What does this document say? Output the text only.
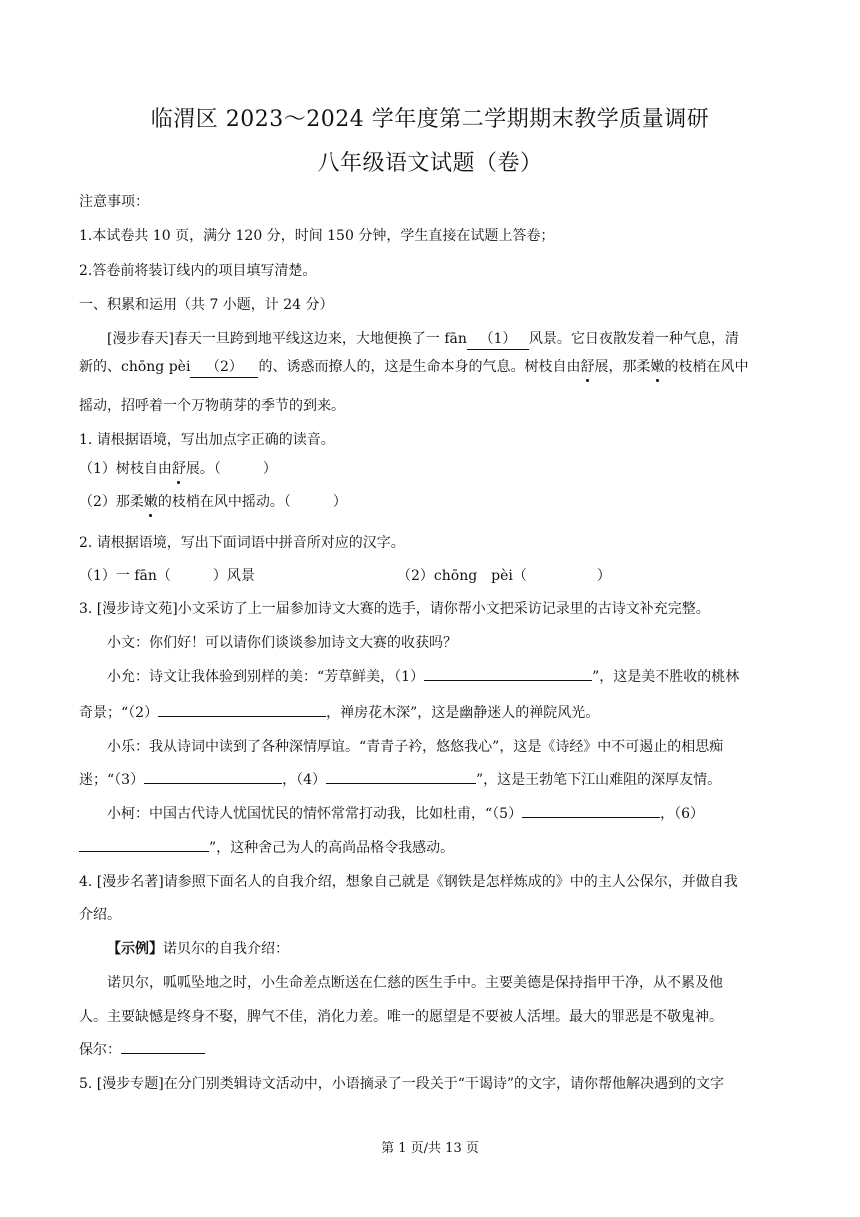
临渭区 2023～2024 学年度第二学期期末教学质量调研
八年级语文试题（卷）
注意事项：
1.本试卷共 10 页，满分 120 分，时间 150 分钟，学生直接在试题上答卷；
2.答卷前将装订线内的项目填写清楚。
一、积累和运用（共 7 小题，计 24 分）
[漫步春天]春天一旦跨到地平线这边来，大地便换了一 fān （1） 风景。它日夜散发着一种气息，清
新的、chōng pèi （2） 的、诱惑而撩人的，这是生命本身的气息。树枝自由舒展，那柔嫩的枝梢在风中
摇动，招呼着一个万物萌芽的季节的到来。
1. 请根据语境，写出加点字正确的读音。
（1）树枝自由舒展。（　　　）
（2）那柔嫩的枝梢在风中摇动。（　　　）
2. 请根据语境，写出下面词语中拼音所对应的汉字。
（1）一 fān（　　　）风景	（2）chōng　pèi（　　　　　）
3. [漫步诗文苑]小文采访了上一届参加诗文大赛的选手，请你帮小文把采访记录里的古诗文补充完整。
小文：你们好！可以请你们谈谈参加诗文大赛的收获吗？
小允：诗文让我体验到别样的美：“芳草鲜美，（1）	”，这是美不胜收的桃林
奇景；“（2）	，禅房花木深”，这是幽静迷人的禅院风光。
小乐：我从诗词中读到了各种深情厚谊。“青青子衿，悠悠我心”，这是《诗经》中不可遏止的相思痴
迷；“（3）	，（4）	”，这是王勃笔下江山难阻的深厚友情。
小柯：中国古代诗人忧国忧民的情怀常常打动我，比如杜甫，“（5）	，（6）
”，这种舍己为人的高尚品格令我感动。
4. [漫步名著]请参照下面名人的自我介绍，想象自己就是《钢铁是怎样炼成的》中的主人公保尔，并做自我
介绍。
【示例】诺贝尔的自我介绍：
诺贝尔，呱呱坠地之时，小生命差点断送在仁慈的医生手中。主要美德是保持指甲干净，从不累及他
人。主要缺憾是终身不娶，脾气不佳，消化力差。唯一的愿望是不要被人活埋。最大的罪恶是不敬鬼神。
保尔：
5. [漫步专题]在分门别类辑诗文活动中，小语摘录了一段关于“干谒诗”的文字，请你帮他解决遇到的文字
第 1 页/共 13 页
